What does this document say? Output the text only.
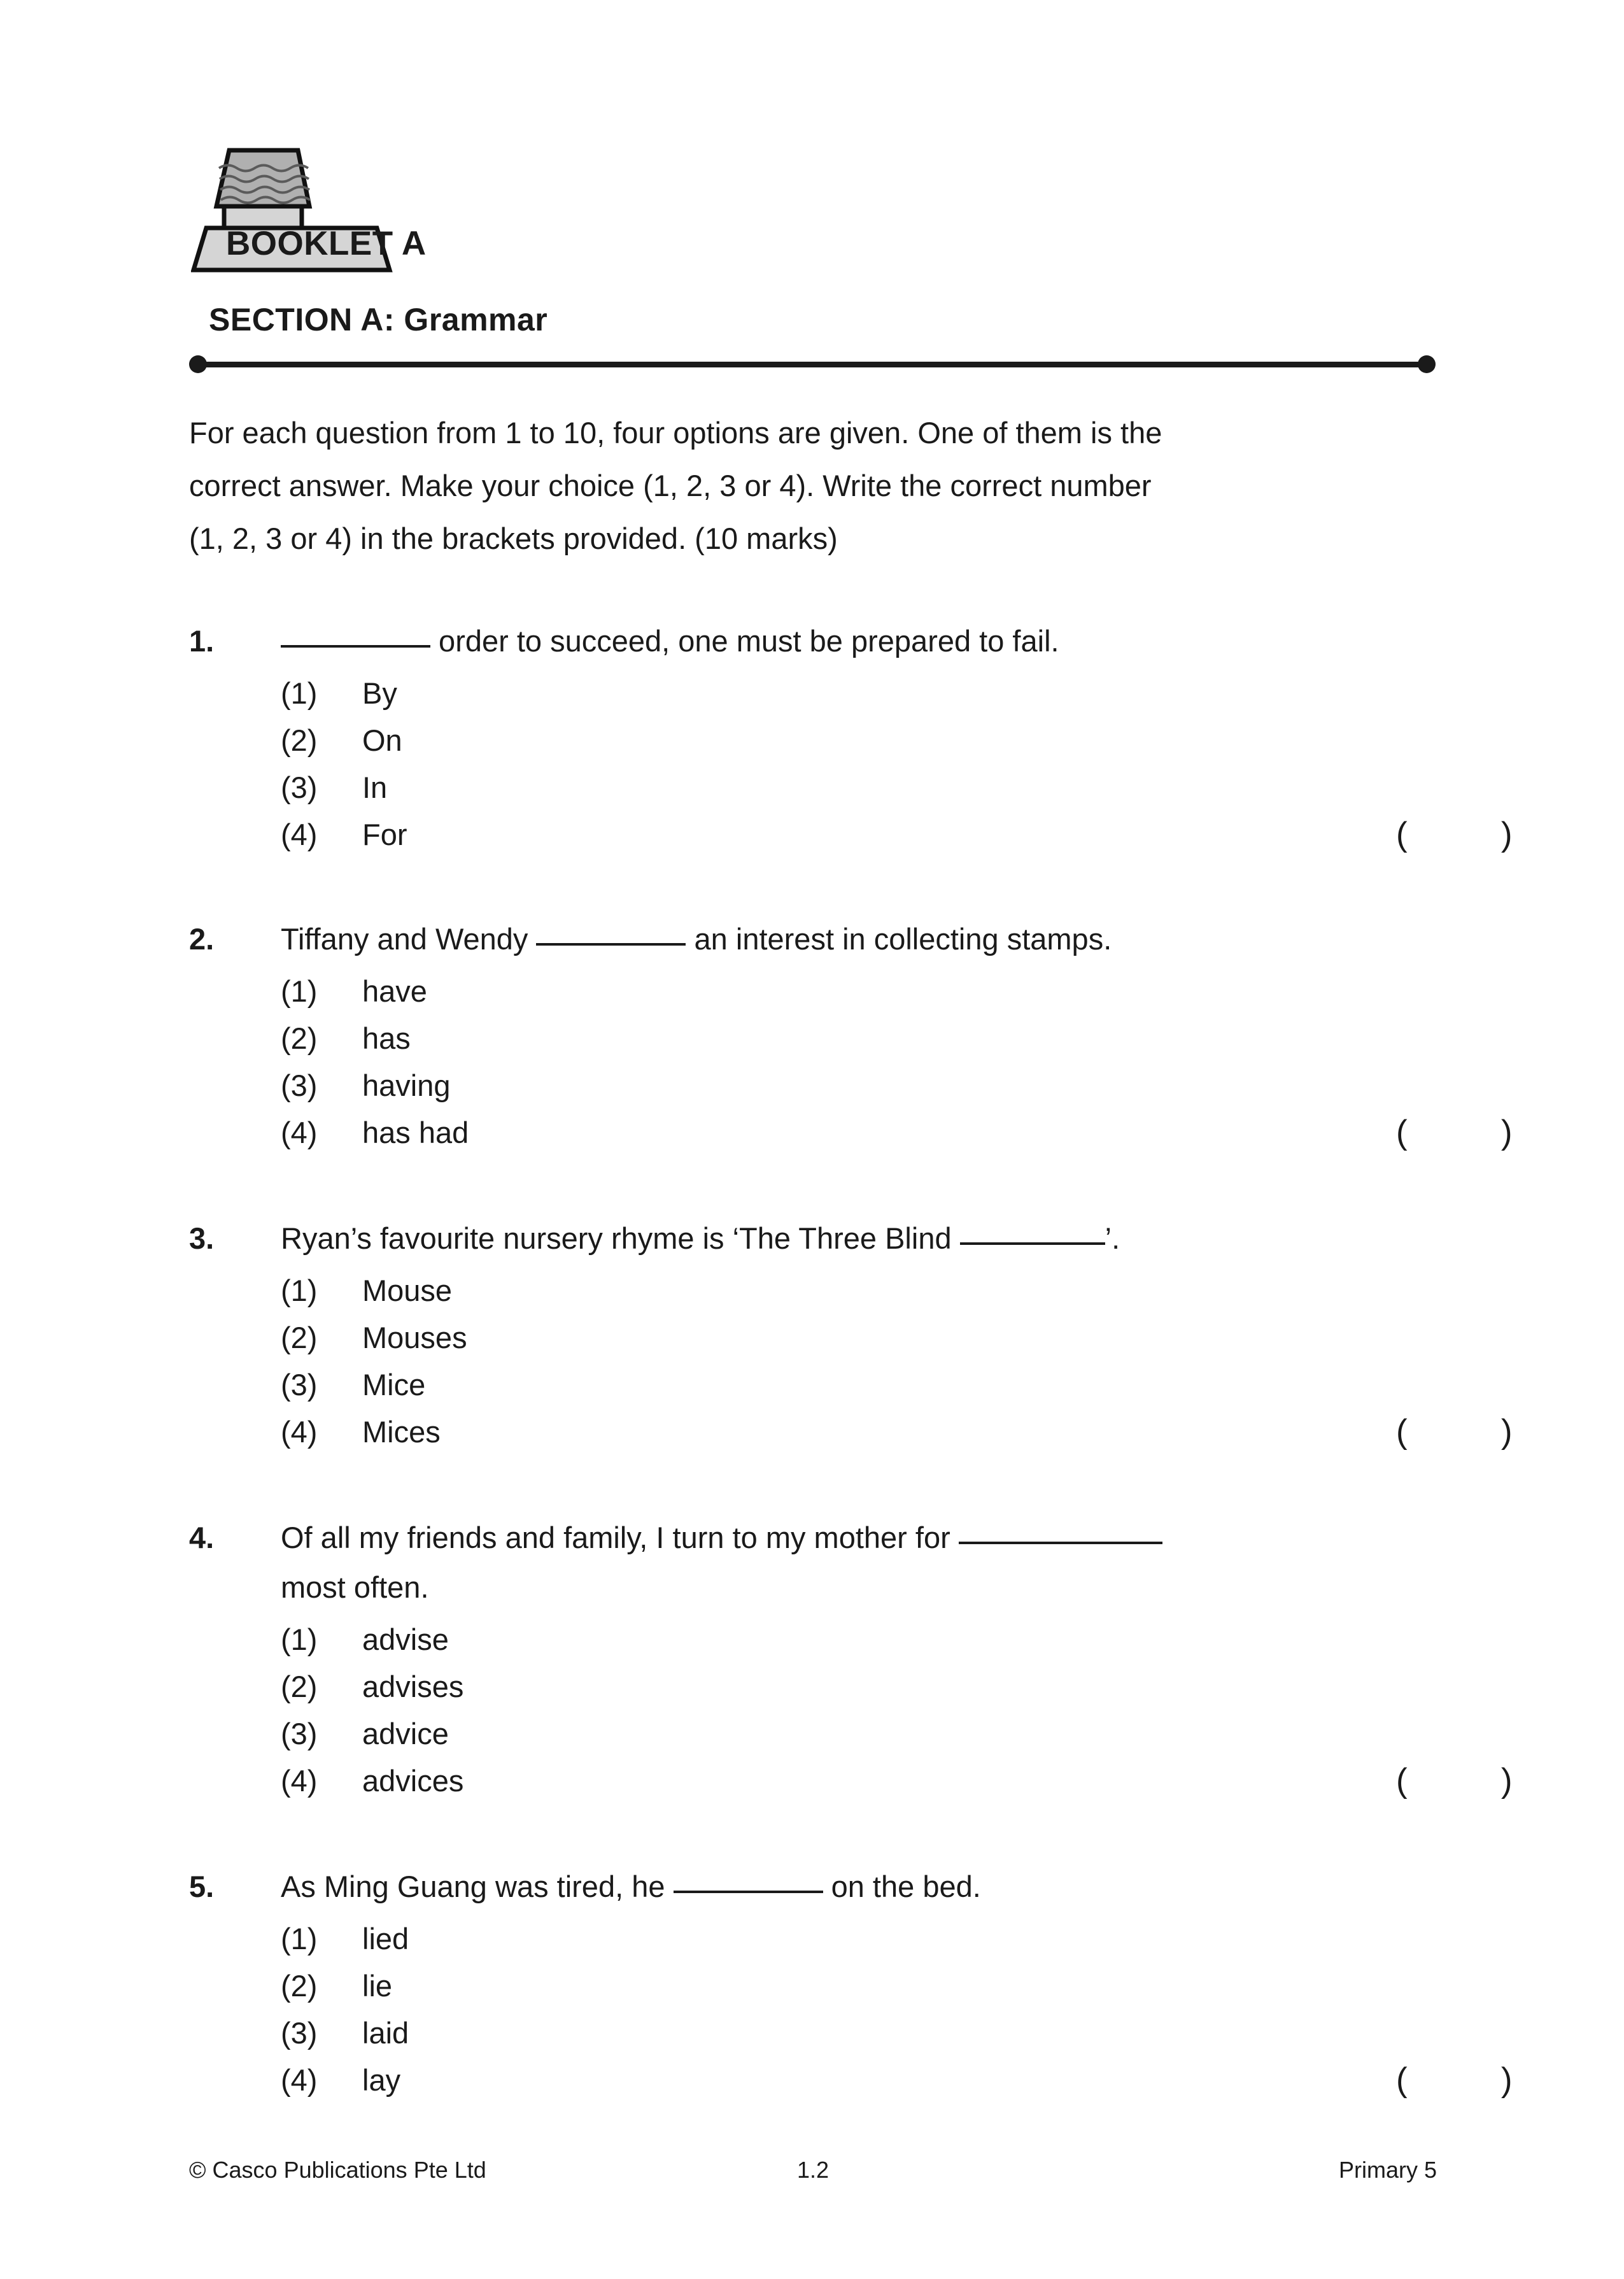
BOOKLET A
SECTION A: Grammar
For each question from 1 to 10, four options are given. One of them is the
correct answer. Make your choice (1, 2, 3 or 4). Write the correct number
(1, 2, 3 or 4) in the brackets provided. (10 marks)
1.	order to succeed, one must be prepared to fail.
(1) By
(2) On
(3) In
(4) For	(          )
2. Tiffany and Wendy	an interest in collecting stamps.
(1) have
(2) has
(3) having
(4) has had	(          )
3. Ryan’s favourite nursery rhyme is ‘The Three Blind	’.
(1) Mouse
(2) Mouses
(3) Mice
(4) Mices	(          )
4. Of all my friends and family, I turn to my mother for
most often.
(1) advise
(2) advises
(3) advice
(4) advices	(          )
5. As Ming Guang was tired, he	on the bed.
(1) lied
(2) lie
(3) laid
(4) lay	(          )
© Casco Publications Pte Ltd	1.2	Primary 5
